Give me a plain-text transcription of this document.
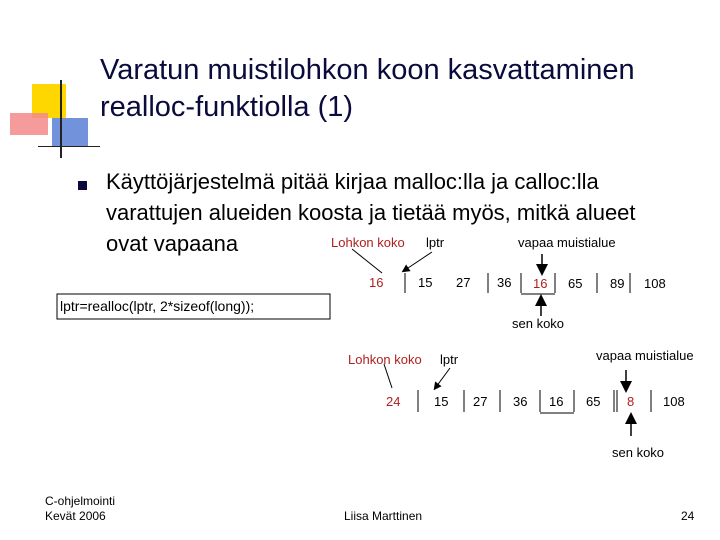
Varatun muistilohkon koon kasvattaminen
realloc-funktiolla (1)
Käyttöjärjestelmä pitää kirjaa malloc:lla ja calloc:lla
varattujen alueiden koosta ja tietää myös, mitkä alueet
ovat vapaana	Lohkon koko lptr	vapaa muistialue
16	15 27 36 16 65 89 108
sen koko
lptr=realloc(lptr, 2*sizeof(long));
Lohkon koko lptr	vapaa muistialue
24	15 27 36 16 65 8 108
sen koko
C-ohjelmointi
Kevät 2006	Liisa Marttinen	24
